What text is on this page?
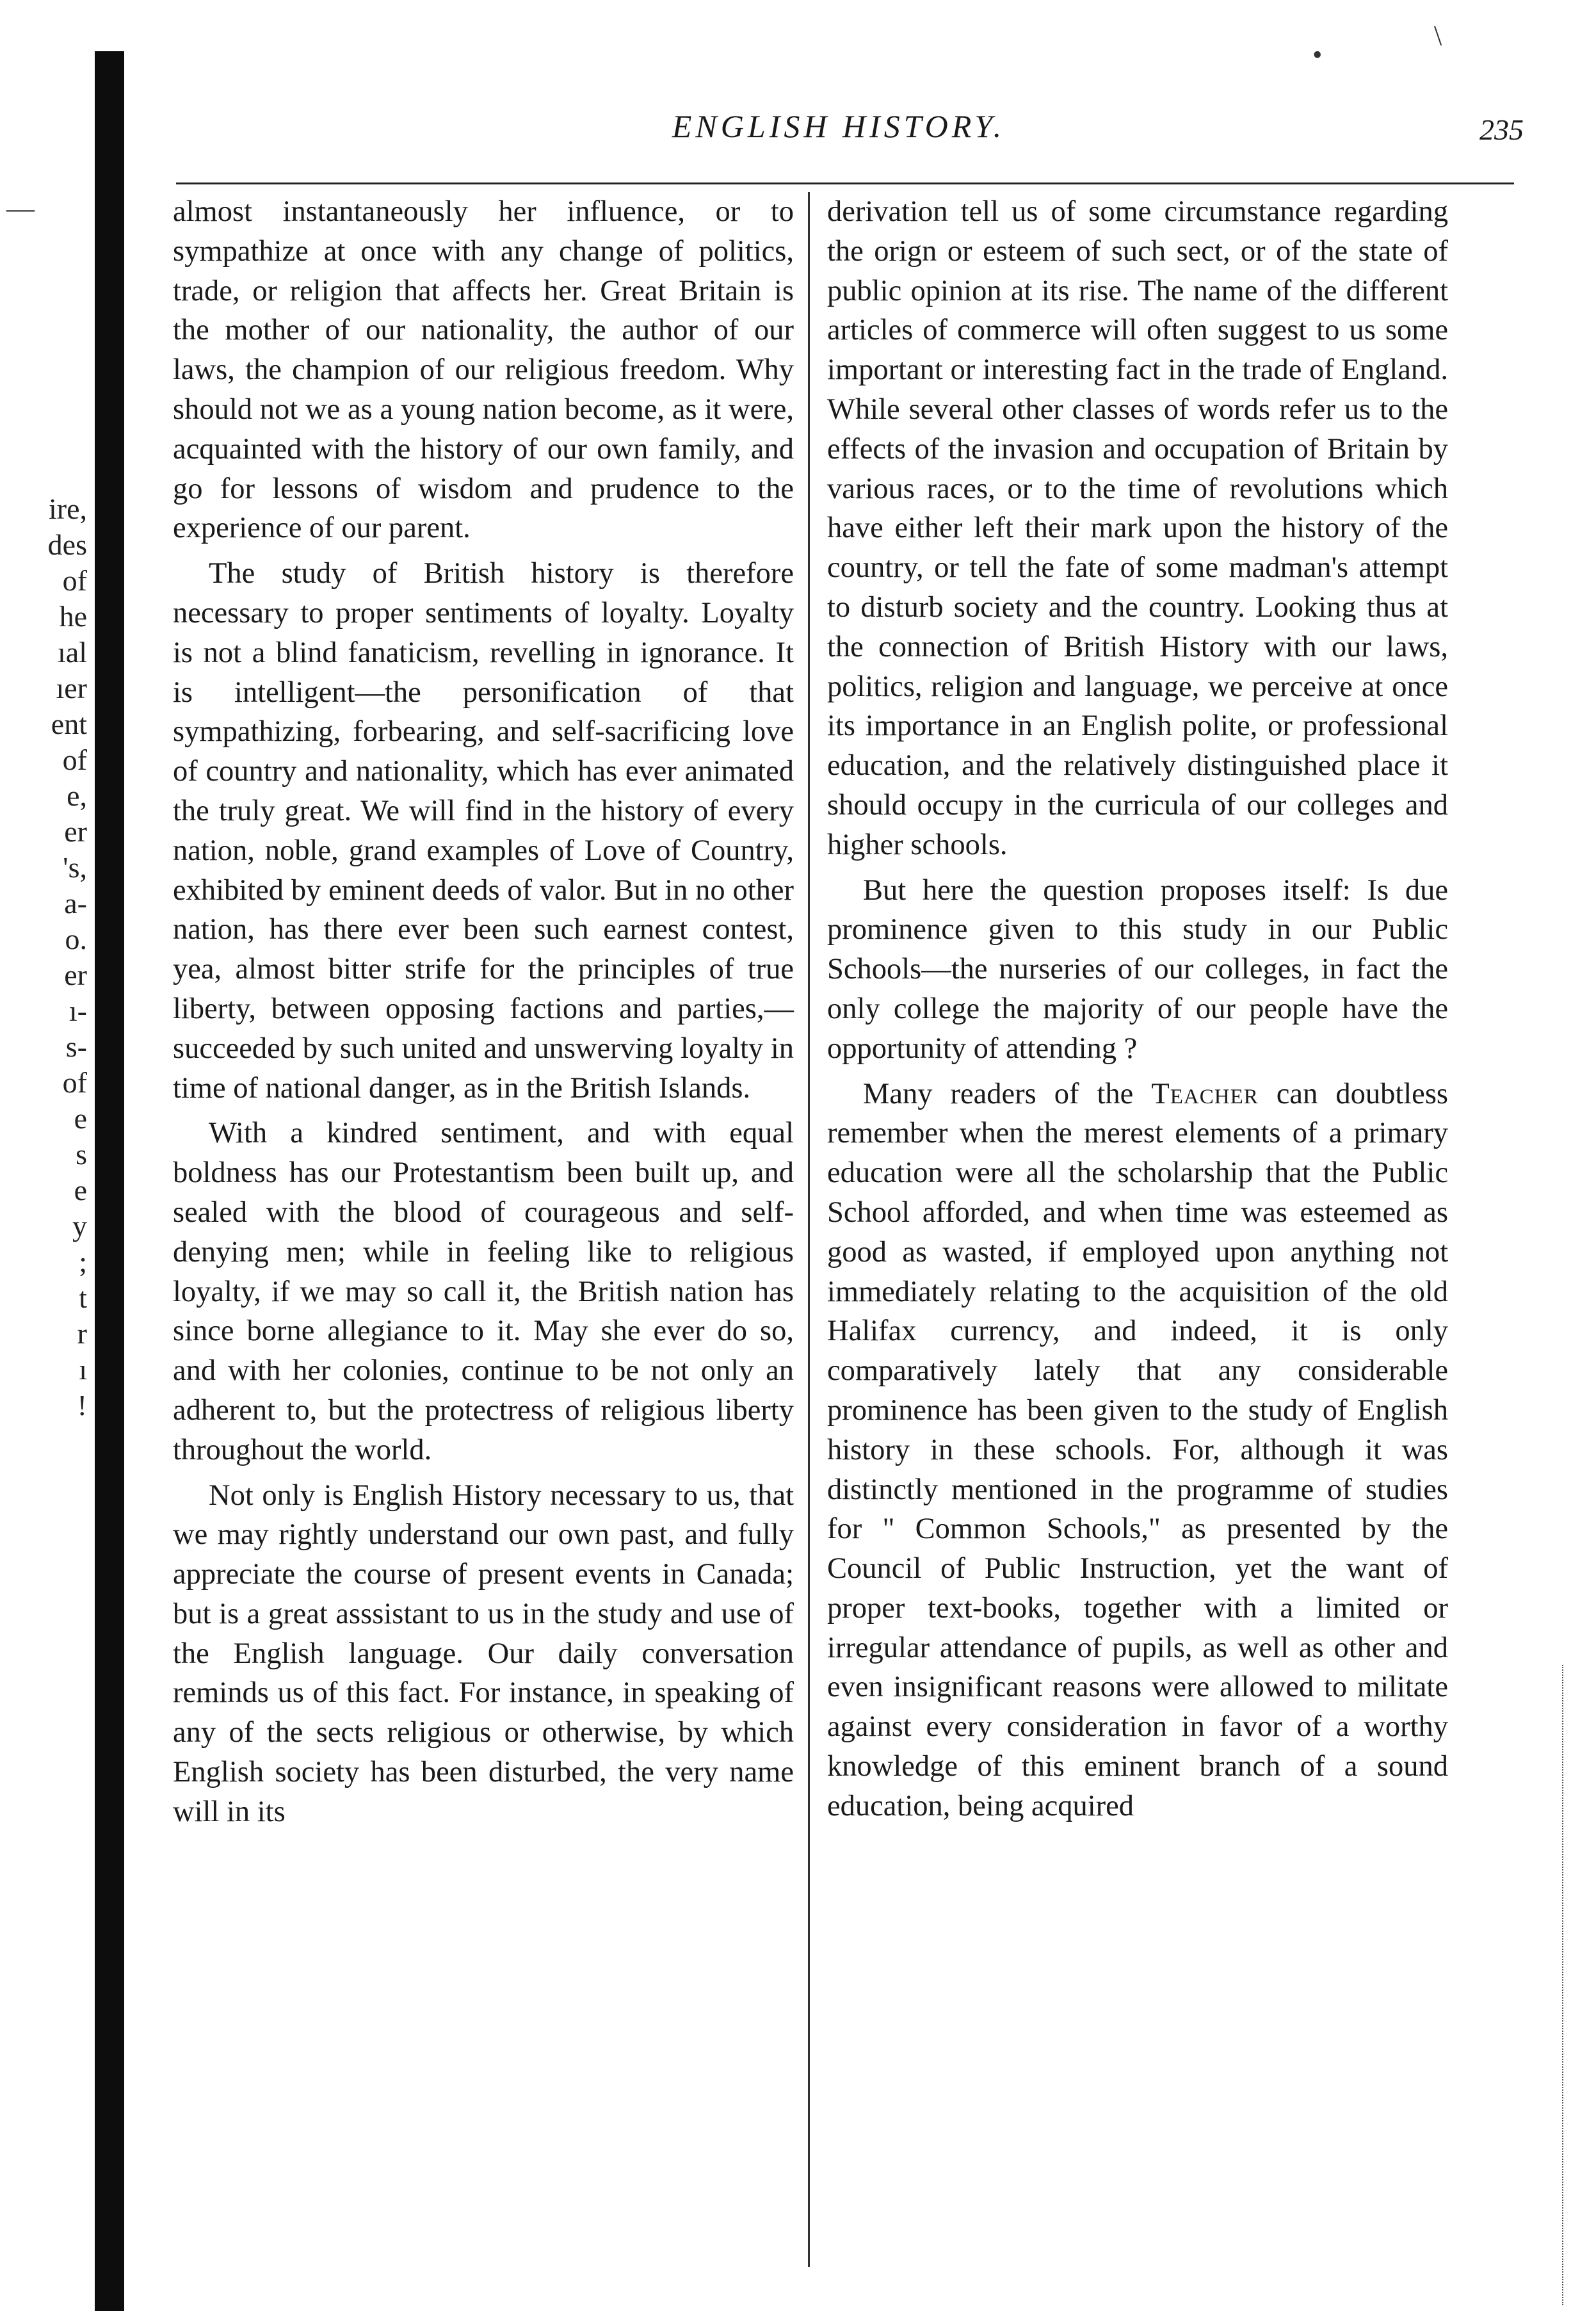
ire,
des
of
he
ıal
ıer
ent
of
e,
er
's,
a-
o.
er
ı-
s-
of
e
s
e
y
;
t
r
ı
!
—
\
•
ENGLISH HISTORY.	235

almost instantaneously her influence, or to sympathize at once with any change of politics, trade, or religion that affects her. Great Britain is the mother of our nationality, the author of our laws, the champion of our religious freedom. Why should not we as a young nation become, as it were, acquainted with the history of our own family, and go for lessons of wisdom and prudence to the experience of our parent.

The study of British history is therefore necessary to proper sentiments of loyalty. Loyalty is not a blind fanaticism, revelling in ignorance. It is intelligent—the personification of that sympathizing, forbearing, and self-sacrificing love of country and nationality, which has ever animated the truly great. We will find in the history of every nation, noble, grand examples of Love of Country, exhibited by eminent deeds of valor. But in no other nation, has there ever been such earnest contest, yea, almost bitter strife for the principles of true liberty, between opposing factions and parties,—succeeded by such united and unswerving loyalty in time of national danger, as in the British Islands.

With a kindred sentiment, and with equal boldness has our Protestantism been built up, and sealed with the blood of courageous and self-denying men; while in feeling like to religious loyalty, if we may so call it, the British nation has since borne allegiance to it. May she ever do so, and with her colonies, continue to be not only an adherent to, but the protectress of religious liberty throughout the world.

Not only is English History necessary to us, that we may rightly understand our own past, and fully appreciate the course of present events in Canada; but is a great asssistant to us in the study and use of the English language. Our daily conversation reminds us of this fact. For instance, in speaking of any of the sects religious or otherwise, by which English society has been disturbed, the very name will in its

derivation tell us of some circumstance regarding the orign or esteem of such sect, or of the state of public opinion at its rise. The name of the different articles of commerce will often suggest to us some important or interesting fact in the trade of England. While several other classes of words refer us to the effects of the invasion and occupation of Britain by various races, or to the time of revolutions which have either left their mark upon the history of the country, or tell the fate of some madman's attempt to disturb society and the country. Looking thus at the connection of British History with our laws, politics, religion and language, we perceive at once its importance in an English polite, or professional education, and the relatively distinguished place it should occupy in the curricula of our colleges and higher schools.

But here the question proposes itself: Is due prominence given to this study in our Public Schools—the nurseries of our colleges, in fact the only college the majority of our people have the opportunity of attending ?

Many readers of the Teacher can doubtless remember when the merest elements of a primary education were all the scholarship that the Public School afforded, and when time was esteemed as good as wasted, if employed upon anything not immediately relating to the acquisition of the old Halifax currency, and indeed, it is only comparatively lately that any considerable prominence has been given to the study of English history in these schools. For, although it was distinctly mentioned in the programme of studies for " Common Schools," as presented by the Council of Public Instruction, yet the want of proper text-books, together with a limited or irregular attendance of pupils, as well as other and even insignificant reasons were allowed to militate against every consideration in favor of a worthy knowledge of this eminent branch of a sound education, being acquired
